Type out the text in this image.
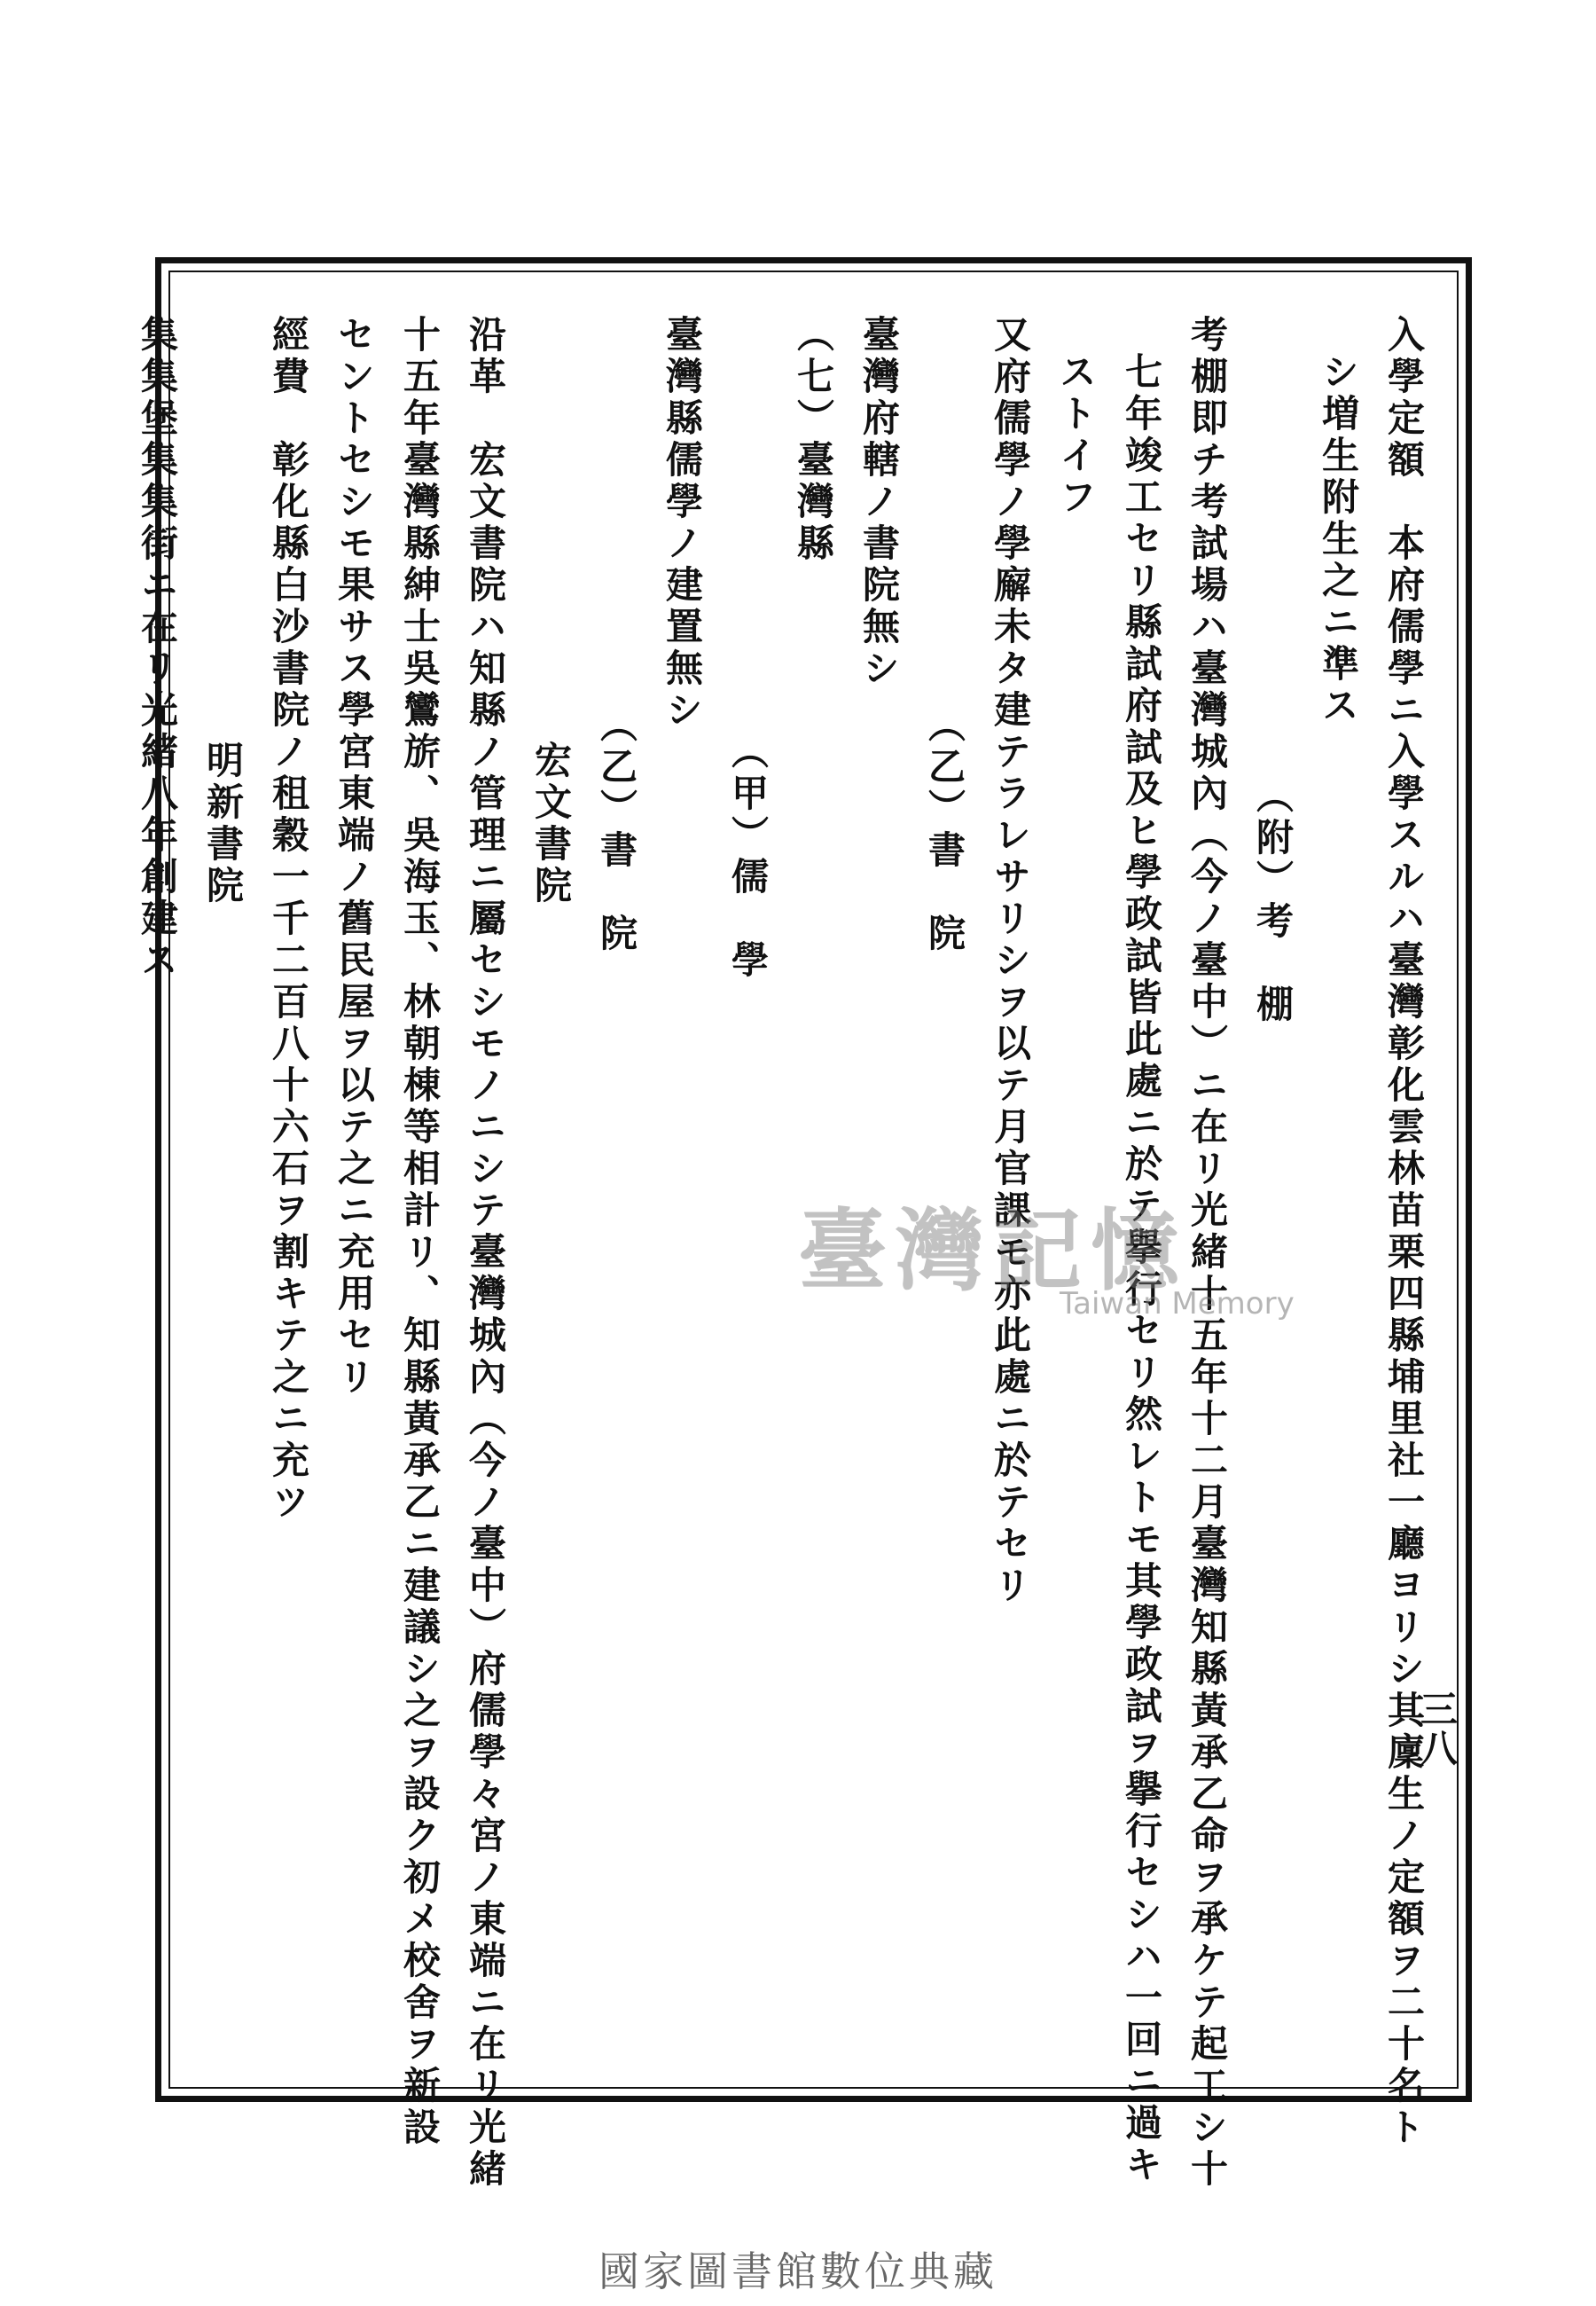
三八
入學定額　本府儒學ニ入學スルハ臺灣彰化雲林苗栗四縣埔里社一廳ヨリシ其廩生ノ定額ヲ二十名ト
シ増生附生之ニ準ス
（附）考　棚
考棚即チ考試場ハ臺灣城內（今ノ臺中）ニ在リ光緒十五年十二月臺灣知縣黃承乙命ヲ承ケテ起工シ十
七年竣工セリ縣試府試及ヒ學政試皆此處ニ於テ擧行セリ然レトモ其學政試ヲ擧行セシハ一回ニ過キ
ストイフ
又府儒學ノ學廨未タ建テラレサリシヲ以テ月官課モ亦此處ニ於テセリ
（乙）書　院
臺灣府轄ノ書院無シ
（七）臺灣縣
（甲）儒　學
臺灣縣儒學ノ建置無シ
（乙）書　院
宏文書院
沿革　宏文書院ハ知縣ノ管理ニ屬セシモノニシテ臺灣城內（今ノ臺中）府儒學々宮ノ東端ニ在リ光緒
十五年臺灣縣紳士吳鸞旂、吳海玉、林朝棟等相計リ、知縣黃承乙ニ建議シ之ヲ設ク初メ校舍ヲ新設
セントセシモ果サス學宮東端ノ舊民屋ヲ以テ之ニ充用セリ
經費　彰化縣白沙書院ノ租穀一千二百八十六石ヲ割キテ之ニ充ツ
明新書院
集集堡集集街ニ在リ光緒八年創建ス
臺灣記憶
Taiwan Memory
國家圖書館數位典藏
